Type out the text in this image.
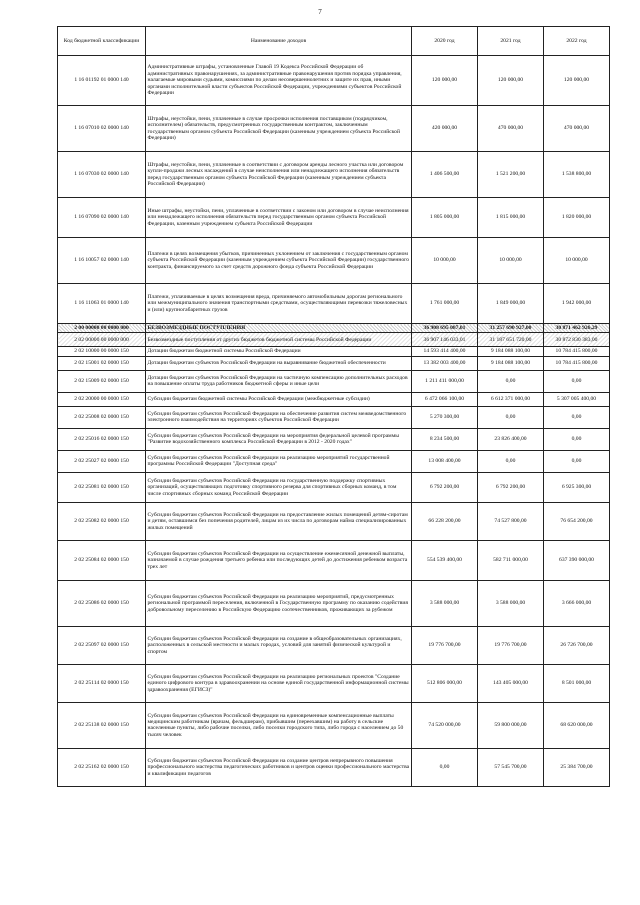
7
Код бюджетной классификации	Наименование доходов	2020 год	2021 год	2022 год
1 16 01192 01 0000 140	Административные штрафы, установленные Главой 19 Кодекса Российской Федерации об административных правонарушениях, за административные правонарушения против порядка управления, налагаемые мировыми судьями, комиссиями по делам несовершеннолетних и защите их прав, иными органами исполнительной власти субъектов Российской Федерации, учреждениями субъектов Российской Федерации	120 000,00	120 000,00	120 000,00
1 16 07010 02 0000 140	Штрафы, неустойки, пени, уплаченные в случае просрочки исполнения поставщиком (подрядчиком, исполнителем) обязательств, предусмотренных государственным контрактом, заключенным государственным органом субъекта Российской Федерации (казенным учреждением субъекта Российской Федерации)	420 000,00	470 000,00	470 000,00
1 16 07030 02 0000 140	Штрафы, неустойки, пени, уплаченные в соответствии с договором аренды лесного участка или договором купли-продажи лесных насаждений в случае неисполнения или ненадлежащего исполнения обязательств перед государственным органом субъекта Российской Федерации (казенным учреждением субъекта Российской Федерации)	1 406 500,00	1 521 200,00	1 538 800,00
1 16 07090 02 0000 140	Иные штрафы, неустойки, пени, уплаченные в соответствии с законом или договором в случае неисполнения или ненадлежащего исполнения обязательств перед государственным органом субъекта Российской Федерации, казенным учреждением субъекта Российской Федерации	1 805 000,00	1 815 000,00	1 820 000,00
1 16 10057 02 0000 140	Платежи в целях возмещения убытков, причиненных уклонением от заключения с государственным органом субъекта Российской Федерации (казенным учреждением субъекта Российской Федерации) государственного контракта, финансируемого за счет средств дорожного фонда субъекта Российской Федерации	10 000,00	10 000,00	10 000,00
1 16 11063 01 0000 140	Платежи, уплачиваемые в целях возмещения вреда, причиняемого автомобильным дорогам регионального или межмуниципального значения транспортными средствами, осуществляющими перевозки тяжеловесных и (или) крупногабаритных грузов	1 761 000,00	1 849 000,00	1 942 000,00
2 00 00000 00 0000 000	БЕЗВОЗМЕЗДНЫЕ ПОСТУПЛЕНИЯ	36 908 695 087,01	31 257 690 927,00	30 871 462 926,29
2 02 00000 00 0000 000	Безвозмездные поступления от других бюджетов бюджетной системы Российской Федерации	36 907 146 033,01	31 187 651 720,00	30 872 830 383,00
2 02 10000 00 0000 150	Дотации бюджетам бюджетной системы Российской Федерации	14 593 414 400,00	9 184 088 100,00	10 784 415 800,00
2 02 15001 02 0000 150	Дотации бюджетам субъектов Российской Федерации на выравнивание бюджетной обеспеченности	13 382 003 400,00	9 184 088 100,00	10 784 415 800,00
2 02 15009 02 0000 150	Дотации бюджетам субъектов Российской Федерации на частичную компенсацию дополнительных расходов на повышение оплаты труда работников бюджетной сферы и иные цели	1 211 411 000,00	0,00	0,00
2 02 20000 00 0000 150	Субсидии бюджетам бюджетной системы Российской Федерации (межбюджетные субсидии)	6 472 066 100,00	6 612 371 000,00	5 307 005 400,00
2 02 25008 02 0000 150	Субсидии бюджетам субъектов Российской Федерации на обеспечение развития систем межведомственного электронного взаимодействия на территориях субъектов Российской Федерации	5 270 300,00	0,00	0,00
2 02 25016 02 0000 150	Субсидии бюджетам субъектов Российской Федерации на мероприятия федеральной целевой программы "Развитие водохозяйственного комплекса Российской Федерации в 2012 - 2020 годах"	8 234 500,00	23 826 400,00	0,00
2 02 25027 02 0000 150	Субсидии бюджетам субъектов Российской Федерации на реализацию мероприятий государственной программы Российской Федерации "Доступная среда"	13 008 400,00	0,00	0,00
2 02 25081 02 0000 150	Субсидии бюджетам субъектов Российской Федерации на государственную поддержку спортивных организаций, осуществляющих подготовку спортивного резерва для спортивных сборных команд, в том числе спортивных сборных команд Российской Федерации	6 792 200,00	6 792 200,00	6 925 300,00
2 02 25082 02 0000 150	Субсидии бюджетам субъектов Российской Федерации на предоставление жилых помещений детям-сиротам и детям, оставшимся без попечения родителей, лицам из их числа по договорам найма специализированных жилых помещений	66 228 200,00	74 527 800,00	76 654 200,00
2 02 25084 02 0000 150	Субсидии бюджетам субъектов Российской Федерации на осуществление ежемесячной денежной выплаты, назначаемой в случае рождения третьего ребенка или последующих детей до достижения ребенком возраста трех лет	554 539 400,00	582 711 000,00	637 390 000,00
2 02 25086 02 0000 150	Субсидии бюджетам субъектов Российской Федерации на реализацию мероприятий, предусмотренных региональной программой переселения, включенной в Государственную программу по оказанию содействия добровольному переселению в Российскую Федерацию соотечественников, проживающих за рубежом	3 588 000,00	3 588 000,00	3 666 000,00
2 02 25097 02 0000 150	Субсидии бюджетам субъектов Российской Федерации на создание в общеобразовательных организациях, расположенных в сельской местности и малых городах, условий для занятий физической культурой и спортом	19 776 700,00	19 776 700,00	26 726 700,00
2 02 25114 02 0000 150	Субсидии бюджетам субъектов Российской Федерации на реализацию региональных проектов "Создание единого цифрового контура в здравоохранении на основе единой государственной информационной системы здравоохранения (ЕГИСЗ)"	512 806 000,00	143 405 000,00	8 501 000,00
2 02 25138 02 0000 150	Субсидии бюджетам субъектов Российской Федерации на единовременные компенсационные выплаты медицинским работникам (врачам, фельдшерам), прибывшим (переехавшим) на работу в сельские населенные пункты, либо рабочие поселки, либо поселки городского типа, либо города с населением до 50 тысяч человек	74 520 000,00	59 800 000,00	68 620 000,00
2 02 25162 02 0000 150	Субсидии бюджетам субъектов Российской Федерации на создание центров непрерывного повышения профессионального мастерства педагогических работников и центров оценки профессионального мастерства и квалификации педагогов	0,00	57 545 700,00	25 384 700,00
